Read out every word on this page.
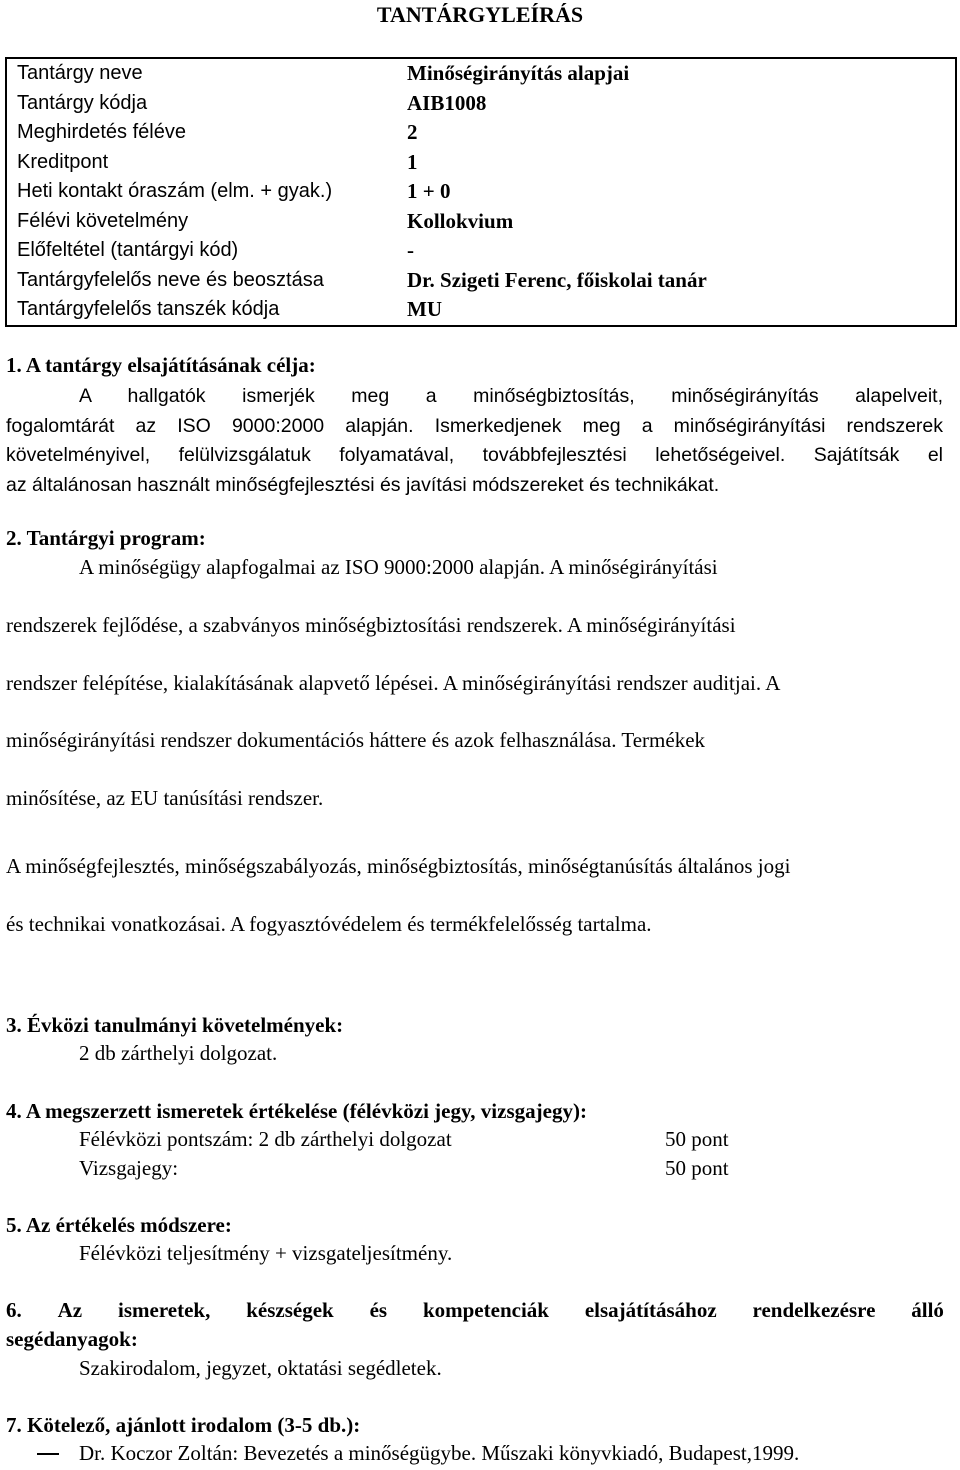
TANTÁRGYLEÍRÁS
Tantárgy neve	Minőségirányítás alapjai
Tantárgy kódja	AIB1008
Meghirdetés féléve	2
Kreditpont	1
Heti kontakt óraszám (elm. + gyak.)	1 + 0
Félévi követelmény	Kollokvium
Előfeltétel (tantárgyi kód)	-
Tantárgyfelelős neve és beosztása	Dr. Szigeti Ferenc, főiskolai tanár
Tantárgyfelelős tanszék kódja	MU
1. A tantárgy elsajátításának célja:
A hallgatók ismerjék meg a minőségbiztosítás, minőségirányítás alapelveit,
fogalomtárát az ISO 9000:2000 alapján. Ismerkedjenek meg a minőségirányítási rendszerek
követelményivel, felülvizsgálatuk folyamatával, továbbfejlesztési lehetőségeivel. Sajátítsák el
az általánosan használt minőségfejlesztési és javítási módszereket és technikákat.
2. Tantárgyi program:
A minőségügy alapfogalmai az ISO 9000:2000 alapján. A minőségirányítási
rendszerek fejlődése, a szabványos minőségbiztosítási rendszerek. A minőségirányítási
rendszer felépítése, kialakításának alapvető lépései. A minőségirányítási rendszer auditjai. A
minőségirányítási rendszer dokumentációs háttere és azok felhasználása. Termékek
minősítése, az EU tanúsítási rendszer.
A minőségfejlesztés, minőségszabályozás, minőségbiztosítás, minőségtanúsítás általános jogi
és technikai vonatkozásai. A fogyasztóvédelem és termékfelelősség tartalma.
3. Évközi tanulmányi követelmények:
2 db zárthelyi dolgozat.
4. A megszerzett ismeretek értékelése (félévközi jegy, vizsgajegy):
Félévközi pontszám: 2 db zárthelyi dolgozat	50 pont
Vizsgajegy:	50 pont
5. Az értékelés módszere:
Félévközi teljesítmény + vizsgateljesítmény.
6. Az ismeretek, készségek és kompetenciák elsajátításához rendelkezésre álló
segédanyagok:
Szakirodalom, jegyzet, oktatási segédletek.
7. Kötelező, ajánlott irodalom (3-5 db.):
Dr. Koczor Zoltán: Bevezetés a minőségügybe. Műszaki könyvkiadó, Budapest,1999.
